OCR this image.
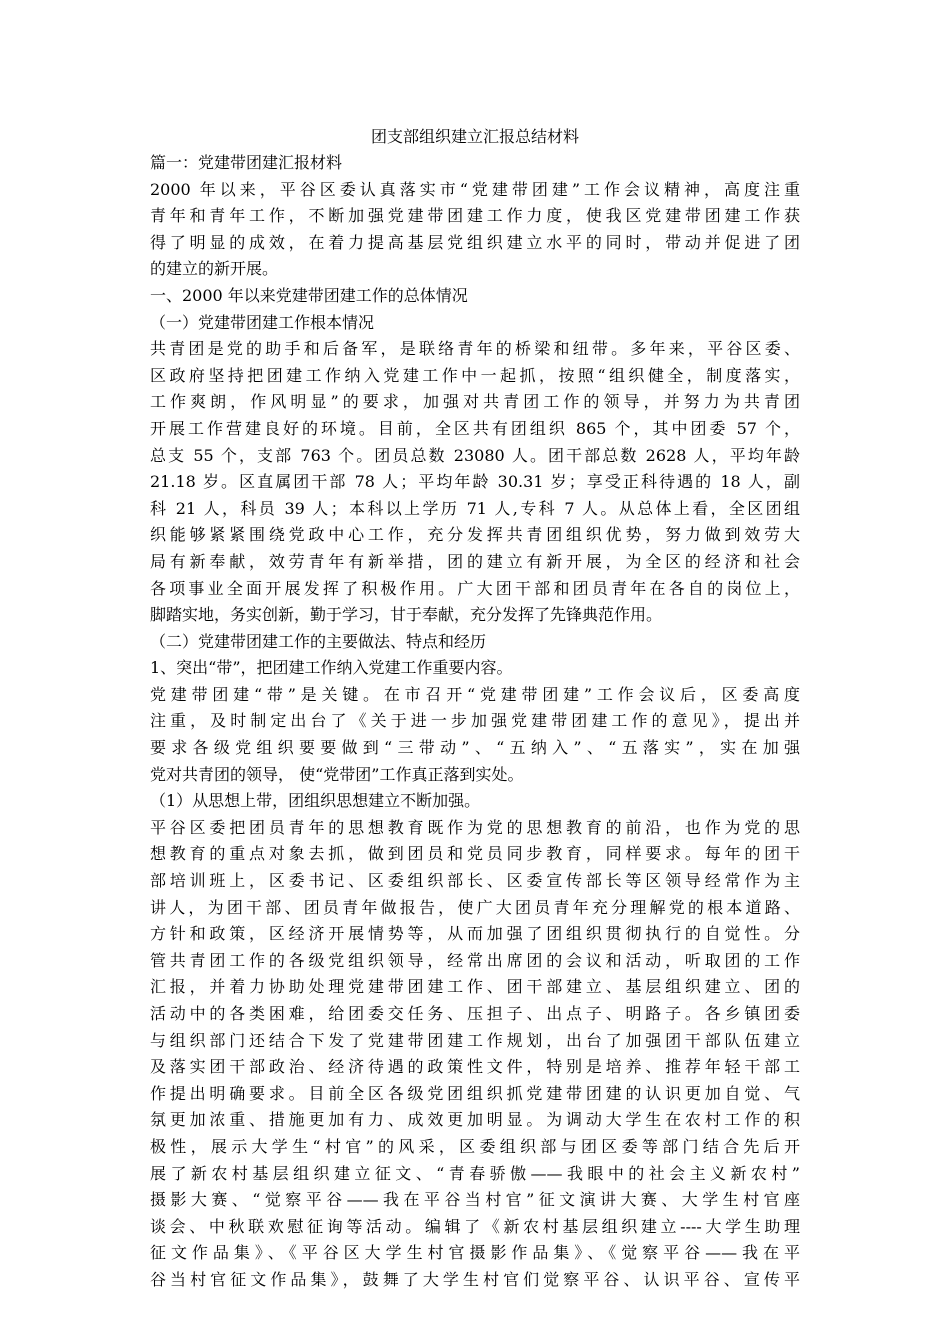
团支部组织建立汇报总结材料

篇一：党建带团建汇报材料

2000 年以来，平谷区委认真落实市“党建带团建”工作会议精神，高度注重

青年和青年工作，不断加强党建带团建工作力度，使我区党建带团建工作获

得了明显的成效，在着力提高基层党组织建立水平的同时，带动并促进了团

的建立的新开展。

一、2000 年以来党建带团建工作的总体情况

（一）党建带团建工作根本情况

共青团是党的助手和后备军，是联络青年的桥梁和纽带。多年来，平谷区委、

区政府坚持把团建工作纳入党建工作中一起抓，按照“组织健全，制度落实，

工作爽朗，作风明显”的要求，加强对共青团工作的领导，并努力为共青团

开展工作营建良好的环境。目前，全区共有团组织 865 个，其中团委 57 个，

总支 55 个，支部 763 个。团员总数 23080 人。团干部总数 2628 人，平均年龄

21.18 岁。区直属团干部 78 人；平均年龄 30.31 岁；享受正科待遇的 18 人，副

科 21 人，科员 39 人；本科以上学历 71 人,专科 7 人。从总体上看，全区团组

织能够紧紧围绕党政中心工作，充分发挥共青团组织优势，努力做到效劳大

局有新奉献，效劳青年有新举措，团的建立有新开展，为全区的经济和社会

各项事业全面开展发挥了积极作用。广大团干部和团员青年在各自的岗位上，

脚踏实地，务实创新，勤于学习，甘于奉献，充分发挥了先锋典范作用。

（二）党建带团建工作的主要做法、特点和经历

1、突出“带”，把团建工作纳入党建工作重要内容。

党建带团建“带”是关键。在市召开“党建带团建”工作会议后，区委高度

注重，及时制定出台了《关于进一步加强党建带团建工作的意见》，提出并

要求各级党组织要要做到“三带动”、“五纳入”、“五落实”，实在加强

党对共青团的领导， 使“党带团”工作真正落到实处。

（1）从思想上带，团组织思想建立不断加强。

平谷区委把团员青年的思想教育既作为党的思想教育的前沿，也作为党的思

想教育的重点对象去抓，做到团员和党员同步教育，同样要求。每年的团干

部培训班上，区委书记、区委组织部长、区委宣传部长等区领导经常作为主

讲人，为团干部、团员青年做报告，使广大团员青年充分理解党的根本道路、

方针和政策，区经济开展情势等，从而加强了团组织贯彻执行的自觉性。分

管共青团工作的各级党组织领导，经常出席团的会议和活动，听取团的工作

汇报，并着力协助处理党建带团建工作、团干部建立、基层组织建立、团的

活动中的各类困难，给团委交任务、压担子、出点子、明路子。各乡镇团委

与组织部门还结合下发了党建带团建工作规划，出台了加强团干部队伍建立

及落实团干部政治、经济待遇的政策性文件，特别是培养、推荐年轻干部工

作提出明确要求。目前全区各级党团组织抓党建带团建的认识更加自觉、气

氛更加浓重、措施更加有力、成效更加明显。为调动大学生在农村工作的积

极性，展示大学生“村官”的风采，区委组织部与团区委等部门结合先后开

展了新农村基层组织建立征文、“青春骄傲——我眼中的社会主义新农村”

摄影大赛、“觉察平谷——我在平谷当村官”征文演讲大赛、大学生村官座

谈会、中秋联欢慰征询等活动。编辑了《新农村基层组织建立----大学生助理

征文作品集》、《平谷区大学生村官摄影作品集》、《觉察平谷——我在平

谷当村官征文作品集》，鼓舞了大学生村官们觉察平谷、认识平谷、宣传平
